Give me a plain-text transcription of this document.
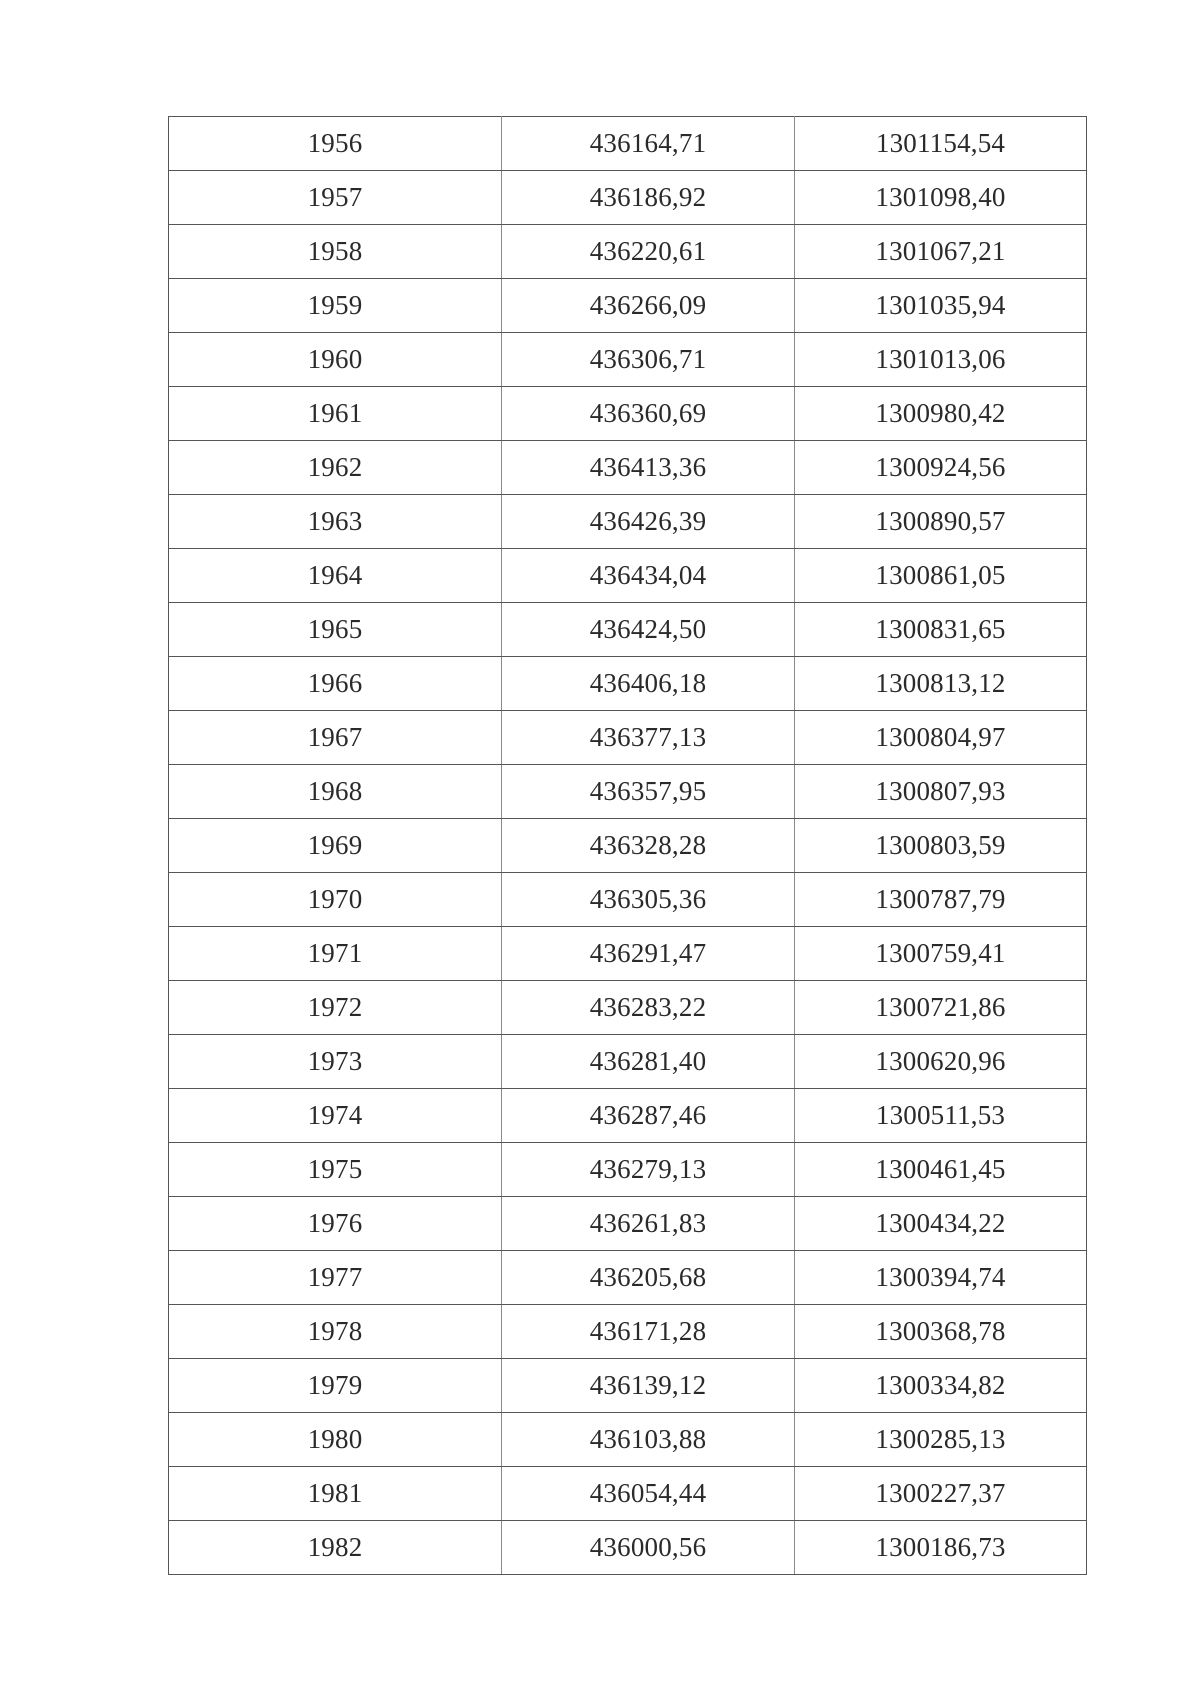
1956	436164,71	1301154,54
1957	436186,92	1301098,40
1958	436220,61	1301067,21
1959	436266,09	1301035,94
1960	436306,71	1301013,06
1961	436360,69	1300980,42
1962	436413,36	1300924,56
1963	436426,39	1300890,57
1964	436434,04	1300861,05
1965	436424,50	1300831,65
1966	436406,18	1300813,12
1967	436377,13	1300804,97
1968	436357,95	1300807,93
1969	436328,28	1300803,59
1970	436305,36	1300787,79
1971	436291,47	1300759,41
1972	436283,22	1300721,86
1973	436281,40	1300620,96
1974	436287,46	1300511,53
1975	436279,13	1300461,45
1976	436261,83	1300434,22
1977	436205,68	1300394,74
1978	436171,28	1300368,78
1979	436139,12	1300334,82
1980	436103,88	1300285,13
1981	436054,44	1300227,37
1982	436000,56	1300186,73
